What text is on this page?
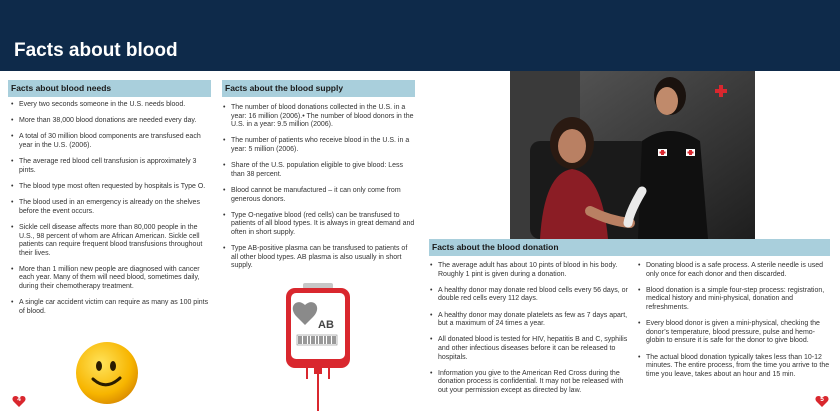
Facts about blood
Facts about blood needs
• Every two seconds someone in the U.S. needs blood.
• More than 38,000 blood donations are needed every day.
• A total of 30 million blood components are transfused each year in the U.S. (2006).
• The average red blood cell transfusion is approximately 3 pints.
• The blood type most often requested by hospitals is Type O.
• The blood used in an emergency is already on the shelves before the event occurs.
• Sickle cell disease affects more than 80,000 people in the U.S., 98 percent of whom are African American. Sickle cell patients can require frequent blood transfusions throughout their lives.
• More than 1 million new people are diagnosed with cancer each year. Many of them will need blood, sometimes daily, during their chemotherapy treatment.
• A single car accident victim can require as many as 100 pints of blood.
Facts about the blood supply
• The number of blood donations collected in the U.S. in a year: 16 million (2006).• The number of blood donors in the U.S. in a year: 9.5 million (2006).
• The number of patients who receive blood in the U.S. in a year: 5 million (2006).
• Share of the U.S. population eligible to give blood: Less than 38 percent.
• Blood cannot be manufactured – it can only come from generous donors.
• Type O-negative blood (red cells) can be transfused to patients of all blood types. It is always in great demand and often in short supply.
• Type AB-positive plasma can be transfused to patients of all other blood types. AB plasma is also usually in short supply.
Facts about the blood donation
• The average adult has about 10 pints of blood in his body. Roughly 1 pint is given during a donation.
• A healthy donor may donate red blood cells every 56 days, or double red cells every 112 days.
• A healthy donor may donate platelets as few as 7 days apart, but a maximum of 24 times a year.
• All donated blood is tested for HIV, hepatitis B and C, syphilis and other infectious diseases before it can be released to hospitals.
• Information you give to the American Red Cross during the donation process is confidential. It may not be released with out your permission except as directed by law.
• Donating blood is a safe process. A sterile needle is used only once for each donor and then discarded.
• Blood donation is a simple four-step process: registration, medical history and mini-physical, donation and refreshments.
• Every blood donor is given a mini-physical, checking the donor’s temperature, blood pressure, pulse and hemo-globin to ensure it is safe for the donor to give blood.
• The actual blood donation typically takes less than 10-12 minutes. The entire process, from the time you arrive to the time you leave, takes about an hour and 15 min.
AB
4	5
